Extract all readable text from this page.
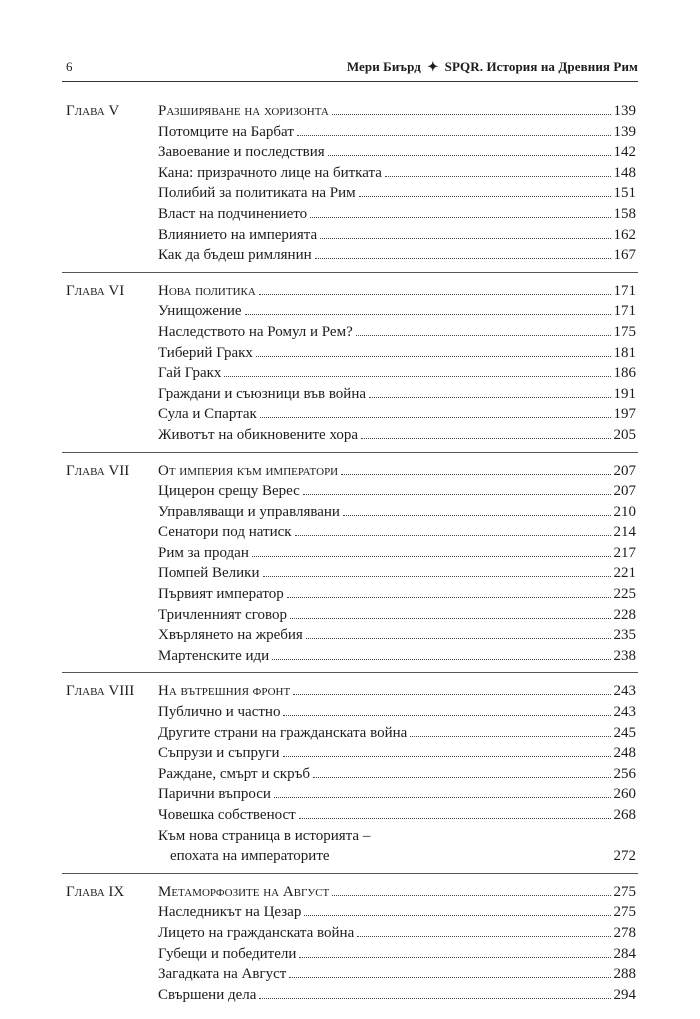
6	Мери Биърд ✦ SPQR. История на Древния Рим
Глава V	Разширяване на хоризонта	139
Потомците на Барбат	139
Завоевание и последствия	142
Кана: призрачното лице на битката	148
Полибий за политиката на Рим	151
Власт на подчинението	158
Влиянието на империята	162
Как да бъдеш римлянин	167
Глава VI	Нова политика	171
Унищожение	171
Наследството на Ромул и Рем?	175
Тиберий Гракх	181
Гай Гракх	186
Граждани и съюзници във война	191
Сула и Спартак	197
Животът на обикновените хора	205
Глава VII	От империя към императори	207
Цицерон срещу Верес	207
Управляващи и управлявани	210
Сенатори под натиск	214
Рим за продан	217
Помпей Велики	221
Първият император	225
Тричленният сговор	228
Хвърлянето на жребия	235
Мартенските иди	238
Глава VIII	На вътрешния фронт	243
Публично и частно	243
Другите страни на гражданската война	245
Съпрузи и съпруги	248
Раждане, смърт и скръб	256
Парични въпроси	260
Човешка собственост	268
Към нова страница в историята –
епохата на императорите	272
Глава IX	Метаморфозите на Август	275
Наследникът на Цезар	275
Лицето на гражданската война	278
Губещи и победители	284
Загадката на Август	288
Свършени дела	294
